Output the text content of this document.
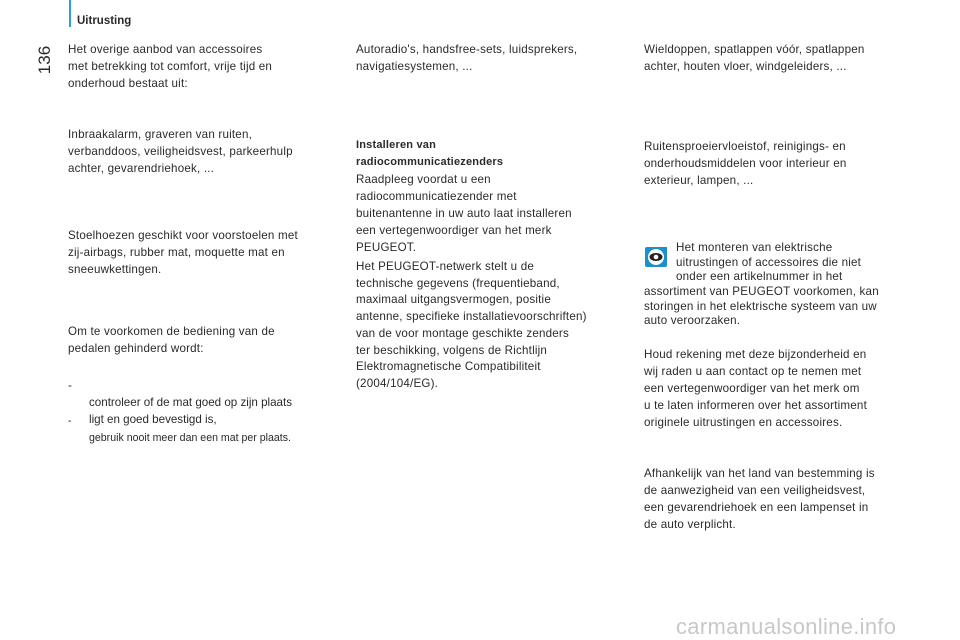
Uitrusting
136 Het overige aanbod van accessoires
met betrekking tot comfort, vrije tijd en
onderhoud bestaat uit:
Inbraakalarm, graveren van ruiten,
verbanddoos, veiligheidsvest, parkeerhulp
achter, gevarendriehoek, ...
Stoelhoezen geschikt voor voorstoelen met
zij-airbags, rubber mat, moquette mat en
sneeuwkettingen.
Om te voorkomen de bediening van de
pedalen gehinderd wordt:

-

controleer of de mat goed op zijn plaats
ligt en goed bevestigd is,

-

gebruik nooit meer dan een mat per plaats.

Autoradio's, handsfree-sets, luidsprekers,
navigatiesystemen, ...
Installeren van
radiocommunicatiezenders
Raadpleeg voordat u een
radiocommunicatiezender met
buitenantenne in uw auto laat installeren
een vertegenwoordiger van het merk
PEUGEOT.
Het PEUGEOT-netwerk stelt u de
technische gegevens (frequentieband,
maximaal uitgangsvermogen, positie
antenne, specifieke installatievoorschriften)
van de voor montage geschikte zenders
ter beschikking, volgens de Richtlijn
Elektromagnetische Compatibiliteit
(2004/104/EG).
Wieldoppen, spatlappen vóór, spatlappen
achter, houten vloer, windgeleiders, ...
Ruitensproeiervloeistof, reinigings- en
onderhoudsmiddelen voor interieur en
exterieur, lampen, ...
Het monteren van elektrische
uitrustingen of accessoires die niet
onder een artikelnummer in het
assortiment van PEUGEOT voorkomen, kan
storingen in het elektrische systeem van uw
auto veroorzaken.
Houd rekening met deze bijzonderheid en
wij raden u aan contact op te nemen met
een vertegenwoordiger van het merk om
u te laten informeren over het assortiment
originele uitrustingen en accessoires.
Afhankelijk van het land van bestemming is
de aanwezigheid van een veiligheidsvest,
een gevarendriehoek en een lampenset in
de auto verplicht.
carmanualsonline.info
